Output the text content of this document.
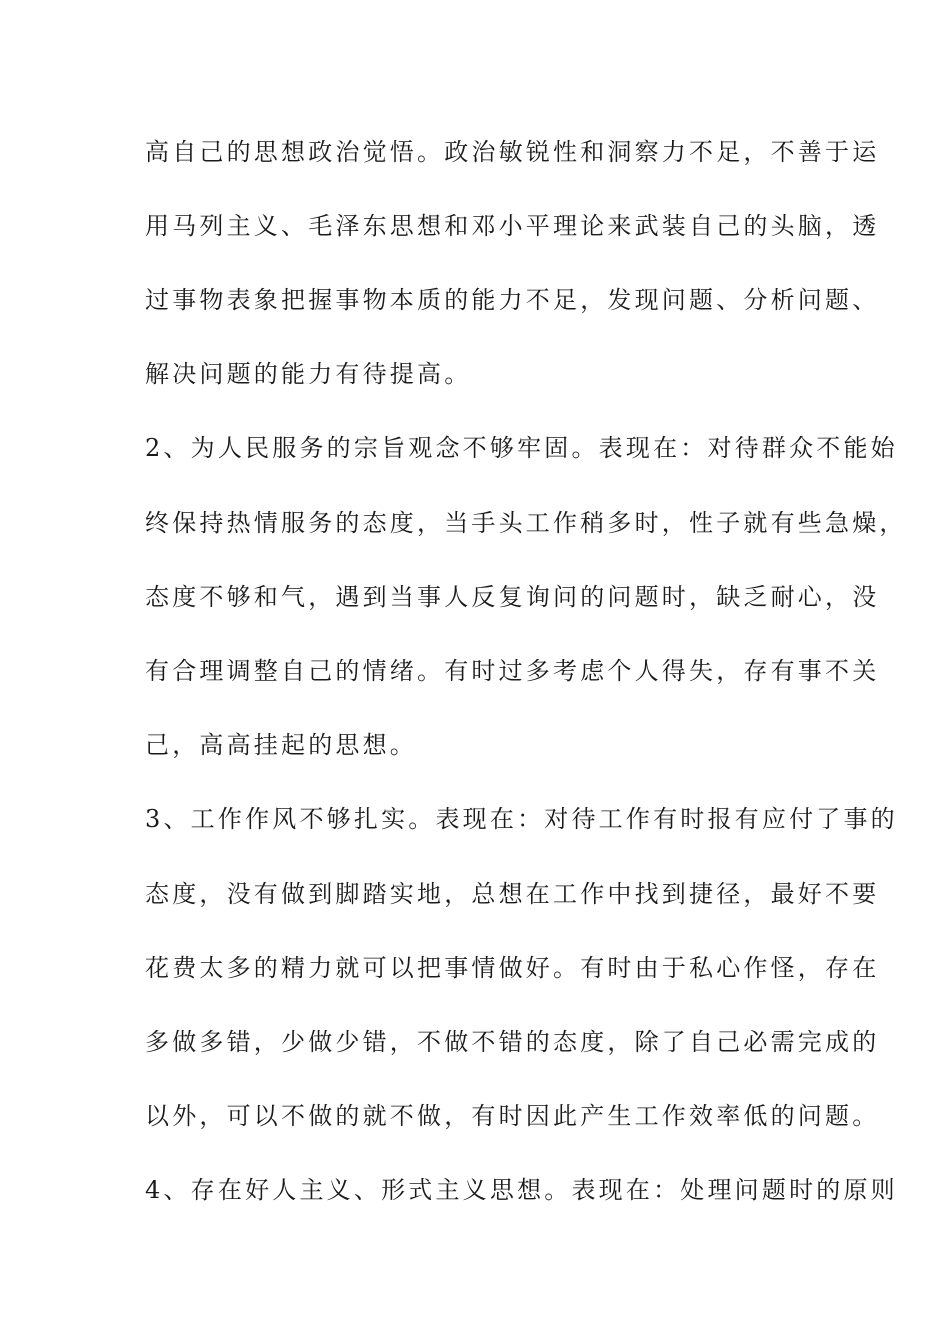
高自己的思想政治觉悟。政治敏锐性和洞察力不足，不善于运
用马列主义、毛泽东思想和邓小平理论来武装自己的头脑，透
过事物表象把握事物本质的能力不足，发现问题、分析问题、
解决问题的能力有待提高。
2、为人民服务的宗旨观念不够牢固。表现在：对待群众不能始
终保持热情服务的态度，当手头工作稍多时，性子就有些急燥，
态度不够和气，遇到当事人反复询问的问题时，缺乏耐心，没
有合理调整自己的情绪。有时过多考虑个人得失，存有事不关
己，高高挂起的思想。
3、工作作风不够扎实。表现在：对待工作有时报有应付了事的
态度，没有做到脚踏实地，总想在工作中找到捷径，最好不要
花费太多的精力就可以把事情做好。有时由于私心作怪，存在
多做多错，少做少错，不做不错的态度，除了自己必需完成的
以外，可以不做的就不做，有时因此产生工作效率低的问题。
4、存在好人主义、形式主义思想。表现在：处理问题时的原则
